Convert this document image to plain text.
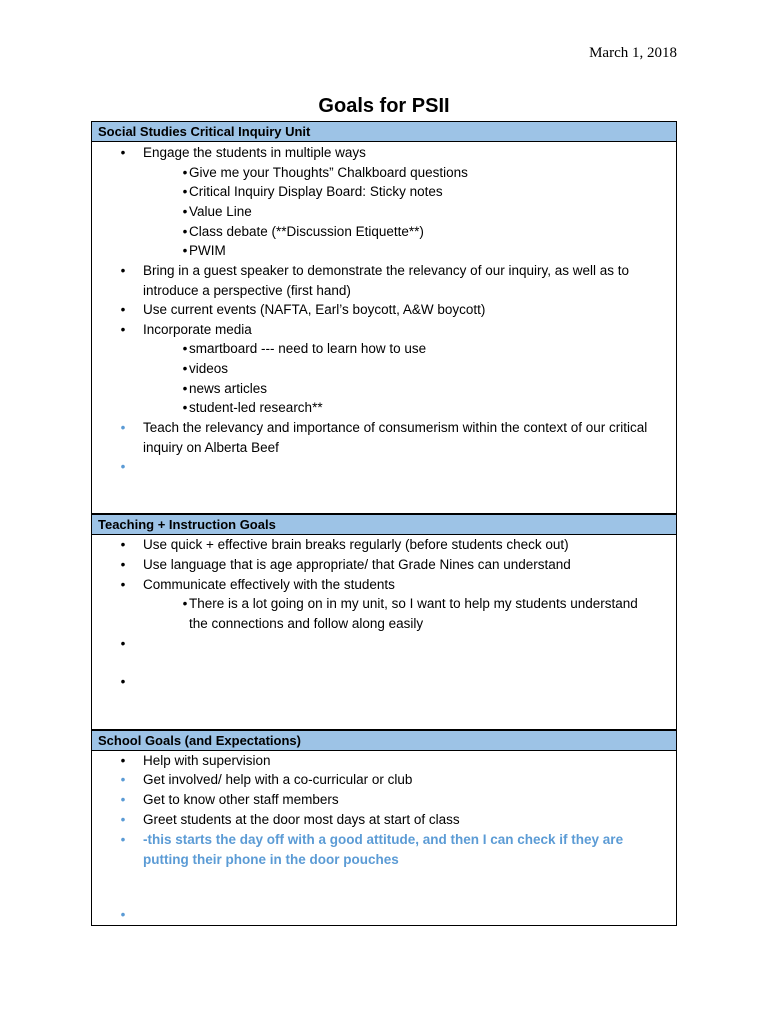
March 1, 2018
Goals for PSII
Social Studies Critical Inquiry Unit
• Engage the students in multiple ways
• Give me your Thoughts” Chalkboard questions
• Critical Inquiry Display Board: Sticky notes
• Value Line
• Class debate (**Discussion Etiquette**)
• PWIM
• Bring in a guest speaker to demonstrate the relevancy of our inquiry, as well as to introduce a perspective (first hand)
• Use current events (NAFTA, Earl’s boycott, A&W boycott)
• Incorporate media
• smartboard --- need to learn how to use
• videos
• news articles
• student-led research**
• Teach the relevancy and importance of consumerism within the context of our critical inquiry on Alberta Beef
•
Teaching + Instruction Goals
• Use quick + effective brain breaks regularly (before students check out)
• Use language that is age appropriate/ that Grade Nines can understand
• Communicate effectively with the students
• There is a lot going on in my unit, so I want to help my students understand the connections and follow along easily
•
•
School Goals (and Expectations)
• Help with supervision
• Get involved/ help with a co-curricular or club
• Get to know other staff members
• Greet students at the door most days at start of class
• -this starts the day off with a good attitude, and then I can check if they are putting their phone in the door pouches
•
